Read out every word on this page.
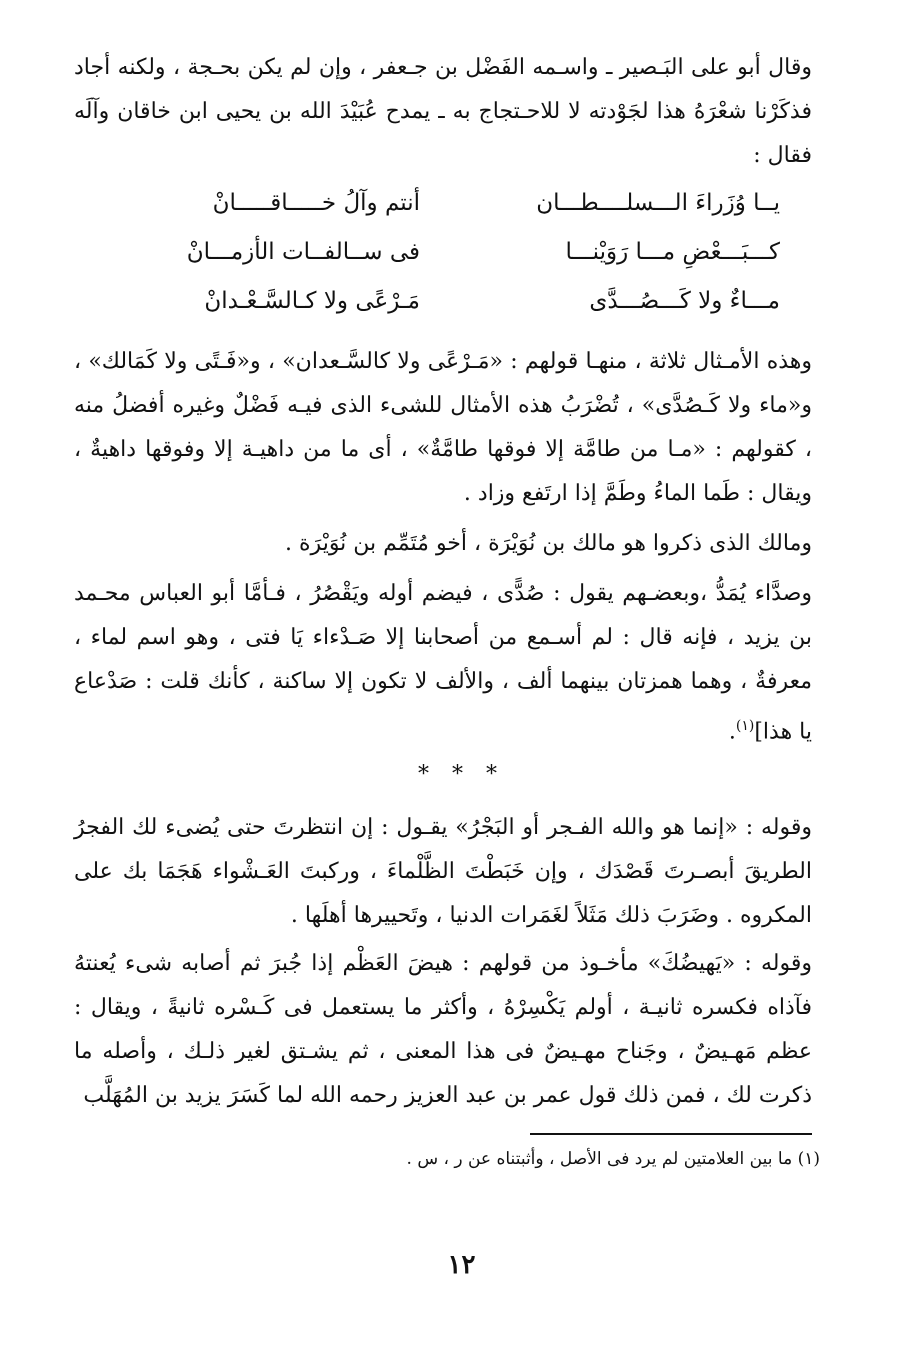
وقال أبو على البَـصير ـ واسـمه الفَضْل بن جـعفر ، وإن لم يكن بحـجة ، ولكنه أجاد فذكَرْنا شعْرَهُ هذا لجَوْدته لا للاحـتجاج به ـ يمدح عُبَيْدَ الله بن يحيى ابن خاقان وآلَه فقال :

يــا وُزَراءَ الـــسلــــطـــان
أنتم وآلُ خـــــاقـــــانْ
كـــبَـــعْضِ مـــا رَوَيْنـــا
فى ســالفــات الأزمـــانْ
مـــاءٌ ولا كَـــصُـــدَّى
مَـرْعًى ولا كـالسَّـعْـدانْ

وهذه الأمـثال ثلاثة ، منهـا قولهم : «مَـرْعًى ولا كالسَّـعدان» ، و«فَـتًى ولا كَمَالك» ، و«ماء ولا كَـصُدَّى» ، تُضْرَبُ هذه الأمثال للشىء الذى فيـه فَضْلٌ وغيره أفضلُ منه ، كقولهم : «مـا من طامَّة إلا فوقها طامَّةٌ» ، أى ما من داهيـة إلا وفوقها داهيةٌ ، ويقال : طَما الماءُ وطَمَّ إذا ارتَفع وزاد .

ومالك الذى ذكروا هو مالك بن نُوَيْرَة ، أخو مُتَمِّم بن نُوَيْرَة .

وصدَّاء يُمَدُّ ،وبعضـهم يقول : صُدًّى ، فيضم أوله ويَقْصُرُ ، فـأمَّا أبو العباس محـمد بن يزيد ، فإنه قال : لم أسـمع من أصحابنا إلا صَـدْءاء يَا فتى ، وهو اسم لماء ، معرفةٌ ، وهما همزتان بينهما ألف ، والألف لا تكون إلا ساكنة ، كأنك قلت : صَدْعاع يا هذا]$^{(١)}$.

* * *

وقوله : «إنما هو والله الفـجر أو البَجْرُ» يقـول : إن انتظرتَ حتى يُضىء لك الفجرُ الطريقَ أبصـرتَ قَصْدَك ، وإن خَبَطْتَ الظَّلْماءَ ، وركبتَ العَـشْواء هَجَمَا بك على المكروه . وضَرَبَ ذلك مَثَلاً لغَمَرات الدنيا ، وتَحييرها أهلَها .

وقوله : «يَهيضُكَ» مأخـوذ من قولهم : هيضَ العَظْم إذا جُبرَ ثم أصابه شىء يُعنتهُ فآذاه فكسره ثانيـة ، أولم يَكْسِرْهُ ، وأكثر ما يستعمل فى كَـسْره ثانيةً ، ويقال : عظم مَهـيضٌ ، وجَناح مهـيضٌ فى هذا المعنى ، ثم يشـتق لغير ذلـك ، وأصله ما ذكرت لك ، فمن ذلك قول عمر بن عبد العزيز رحمه الله لما كَسَرَ يزيد بن المُهَلَّب

(١) ما بين العلامتين لم يرد فى الأصل ، وأثبتناه عن ر ، س .

١٢
